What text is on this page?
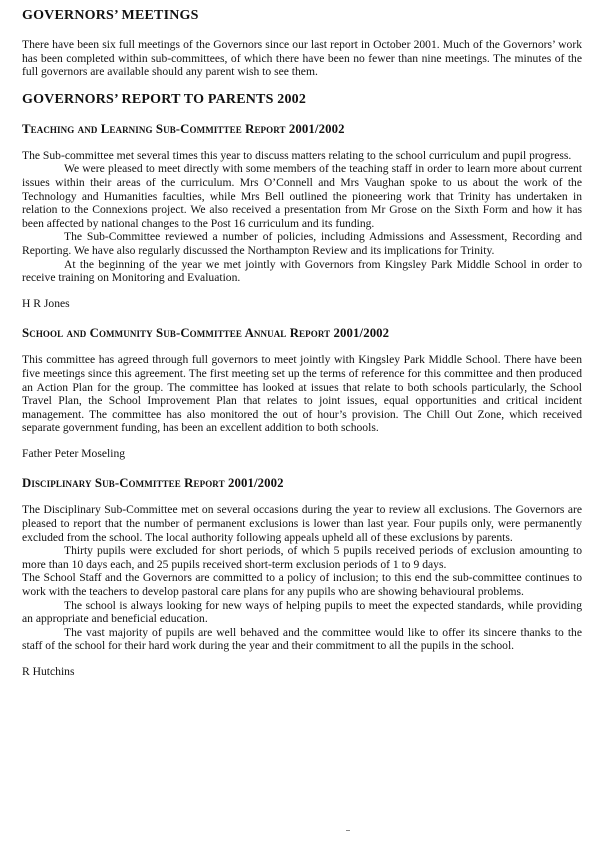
GOVERNORS’ MEETINGS

There have been six full meetings of the Governors since our last report in October 2001. Much of the Governors’ work has been completed within sub-committees, of which there have been no fewer than nine meetings. The minutes of the full governors are available should any parent wish to see them.

GOVERNORS’ REPORT TO PARENTS 2002
Teaching and Learning Sub-Committee Report 2001/2002

The Sub-committee met several times this year to discuss matters relating to the school curriculum and pupil progress.

We were pleased to meet directly with some members of the teaching staff in order to learn more about current issues within their areas of the curriculum. Mrs O’Connell and Mrs Vaughan spoke to us about the work of the Technology and Humanities faculties, while Mrs Bell outlined the pioneering work that Trinity has undertaken in relation to the Connexions project. We also received a presentation from Mr Grose on the Sixth Form and how it has been affected by national changes to the Post 16 curriculum and its funding.

The Sub-Committee reviewed a number of policies, including Admissions and Assessment, Recording and Reporting. We have also regularly discussed the Northampton Review and its implications for Trinity.

At the beginning of the year we met jointly with Governors from Kingsley Park Middle School in order to receive training on Monitoring and Evaluation.

H R Jones

School and Community Sub-Committee Annual Report 2001/2002

This committee has agreed through full governors to meet jointly with Kingsley Park Middle School. There have been five meetings since this agreement. The first meeting set up the terms of reference for this committee and then produced an Action Plan for the group. The committee has looked at issues that relate to both schools particularly, the School Travel Plan, the School Improvement Plan that relates to joint issues, equal opportunities and critical incident management. The committee has also monitored the out of hour’s provision. The Chill Out Zone, which received separate government funding, has been an excellent addition to both schools.

Father Peter Moseling

Disciplinary Sub-Committee Report 2001/2002

The Disciplinary Sub-Committee met on several occasions during the year to review all exclusions. The Governors are pleased to report that the number of permanent exclusions is lower than last year. Four pupils only, were permanently excluded from the school. The local authority following appeals upheld all of these exclusions by parents.

Thirty pupils were excluded for short periods, of which 5 pupils received periods of exclusion amounting to more than 10 days each, and 25 pupils received short-term exclusion periods of 1 to 9 days.

The School Staff and the Governors are committed to a policy of inclusion; to this end the sub-committee continues to work with the teachers to develop pastoral care plans for any pupils who are showing behavioural problems.

The school is always looking for new ways of helping pupils to meet the expected standards, while providing an appropriate and beneficial education.

The vast majority of pupils are well behaved and the committee would like to offer its sincere thanks to the staff of the school for their hard work during the year and their commitment to all the pupils in the school.

R Hutchins
